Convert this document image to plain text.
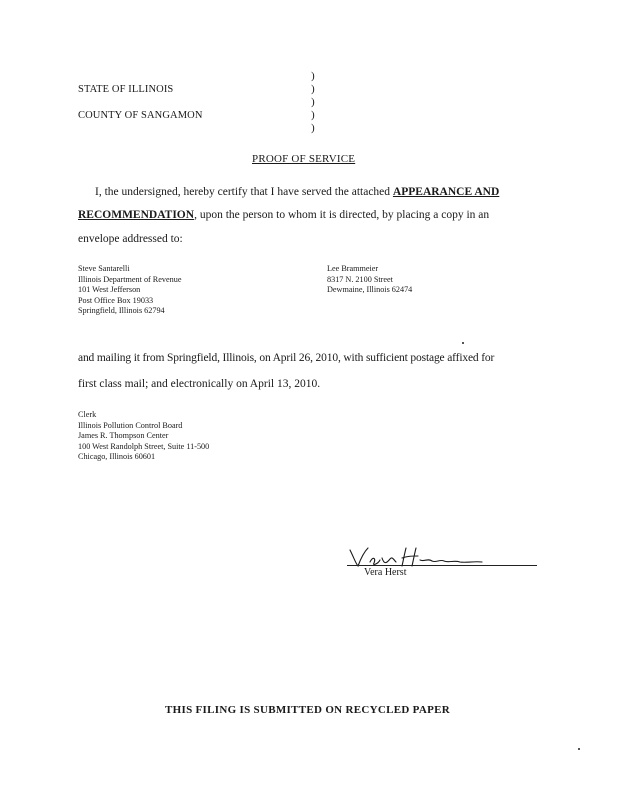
STATE OF ILLINOIS
COUNTY OF SANGAMON
)
)
)
)
)
PROOF OF SERVICE
I, the undersigned, hereby certify that I have served the attached APPEARANCE AND
RECOMMENDATION, upon the person to whom it is directed, by placing a copy in an
envelope addressed to:
Steve Santarelli
Illinois Department of Revenue
101 West Jefferson
Post Office Box 19033
Springfield, Illinois 62794
Lee Brammeier
8317 N. 2100 Street
Dewmaine, Illinois 62474
and mailing it from Springfield, Illinois, on April 26, 2010, with sufficient postage affixed for
first class mail; and electronically on April 13, 2010.
Clerk
Illinois Pollution Control Board
James R. Thompson Center
100 West Randolph Street, Suite 11-500
Chicago, Illinois 60601
Vera Herst
THIS FILING IS SUBMITTED ON RECYCLED PAPER
